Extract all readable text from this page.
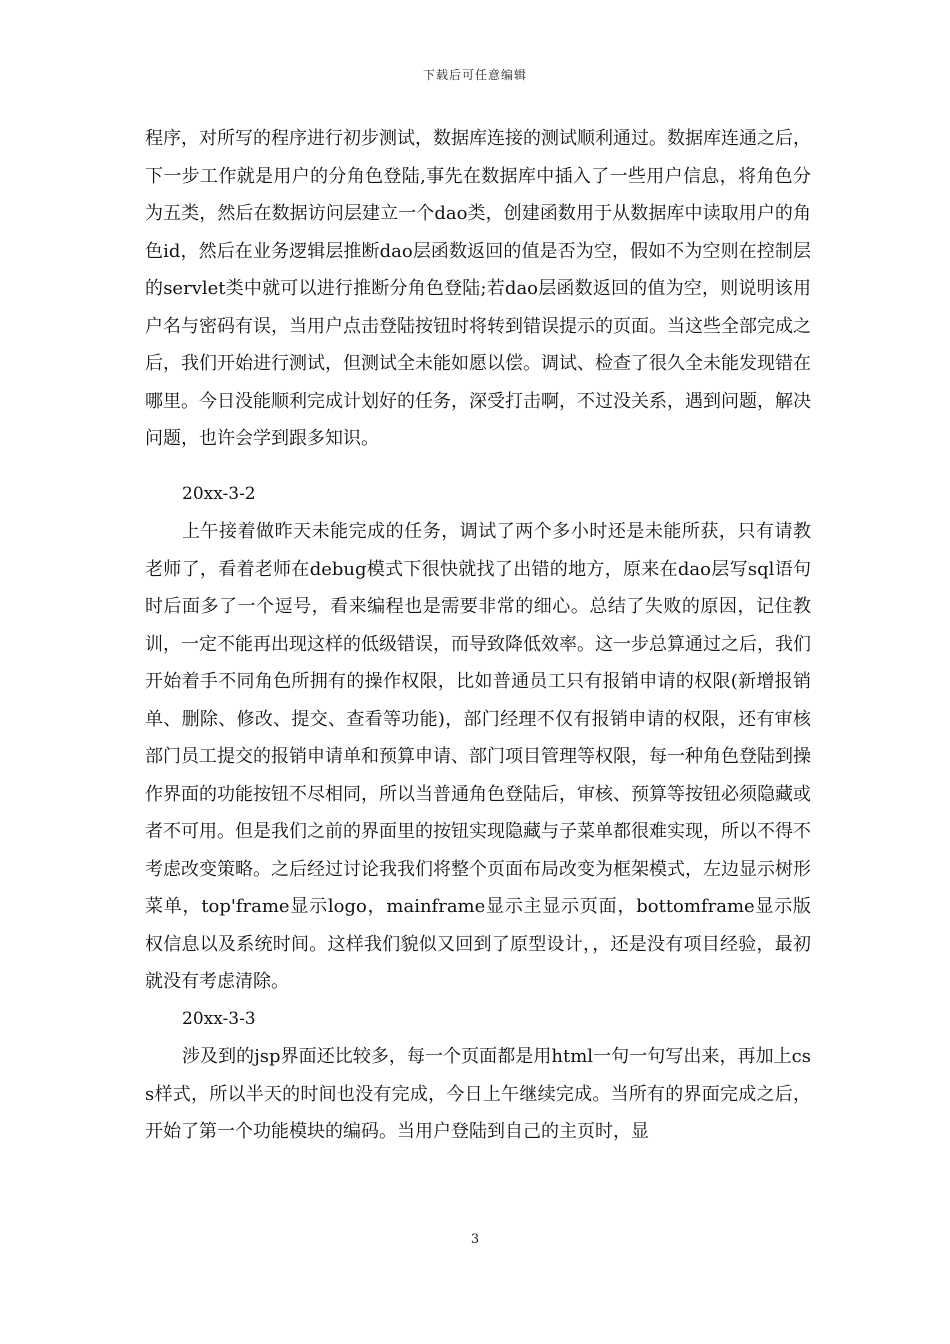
下载后可任意编辑

程序，对所写的程序进行初步测试，数据库连接的测试顺利通过。数据库连通之后，下一步工作就是用户的分角色登陆,事先在数据库中插入了一些用户信息，将角色分为五类，然后在数据访问层建立一个dao类，创建函数用于从数据库中读取用户的角色id，然后在业务逻辑层推断dao层函数返回的值是否为空，假如不为空则在控制层的servlet类中就可以进行推断分角色登陆;若dao层函数返回的值为空，则说明该用户名与密码有误，当用户点击登陆按钮时将转到错误提示的页面。当这些全部完成之后，我们开始进行测试，但测试全未能如愿以偿。调试、检查了很久全未能发现错在哪里。今日没能顺利完成计划好的任务，深受打击啊，不过没关系，遇到问题，解决问题，也许会学到跟多知识。

20xx-3-2

上午接着做昨天未能完成的任务，调试了两个多小时还是未能所获，只有请教老师了，看着老师在debug模式下很快就找了出错的地方，原来在dao层写sql语句时后面多了一个逗号，看来编程也是需要非常的细心。总结了失败的原因，记住教训，一定不能再出现这样的低级错误，而导致降低效率。这一步总算通过之后，我们开始着手不同角色所拥有的操作权限，比如普通员工只有报销申请的权限(新增报销单、删除、修改、提交、查看等功能)，部门经理不仅有报销申请的权限，还有审核部门员工提交的报销申请单和预算申请、部门项目管理等权限，每一种角色登陆到操作界面的功能按钮不尽相同，所以当普通角色登陆后，审核、预算等按钮必须隐藏或者不可用。但是我们之前的界面里的按钮实现隐藏与子菜单都很难实现，所以不得不考虑改变策略。之后经过讨论我我们将整个页面布局改变为框架模式，左边显示树形菜单，top'frame显示logo，mainframe显示主显示页面，bottomframe显示版权信息以及系统时间。这样我们貌似又回到了原型设计，，还是没有项目经验，最初就没有考虑清除。

20xx-3-3

涉及到的jsp界面还比较多，每一个页面都是用html一句一句写出来，再加上css样式，所以半天的时间也没有完成，今日上午继续完成。当所有的界面完成之后，开始了第一个功能模块的编码。当用户登陆到自己的主页时，显

3
